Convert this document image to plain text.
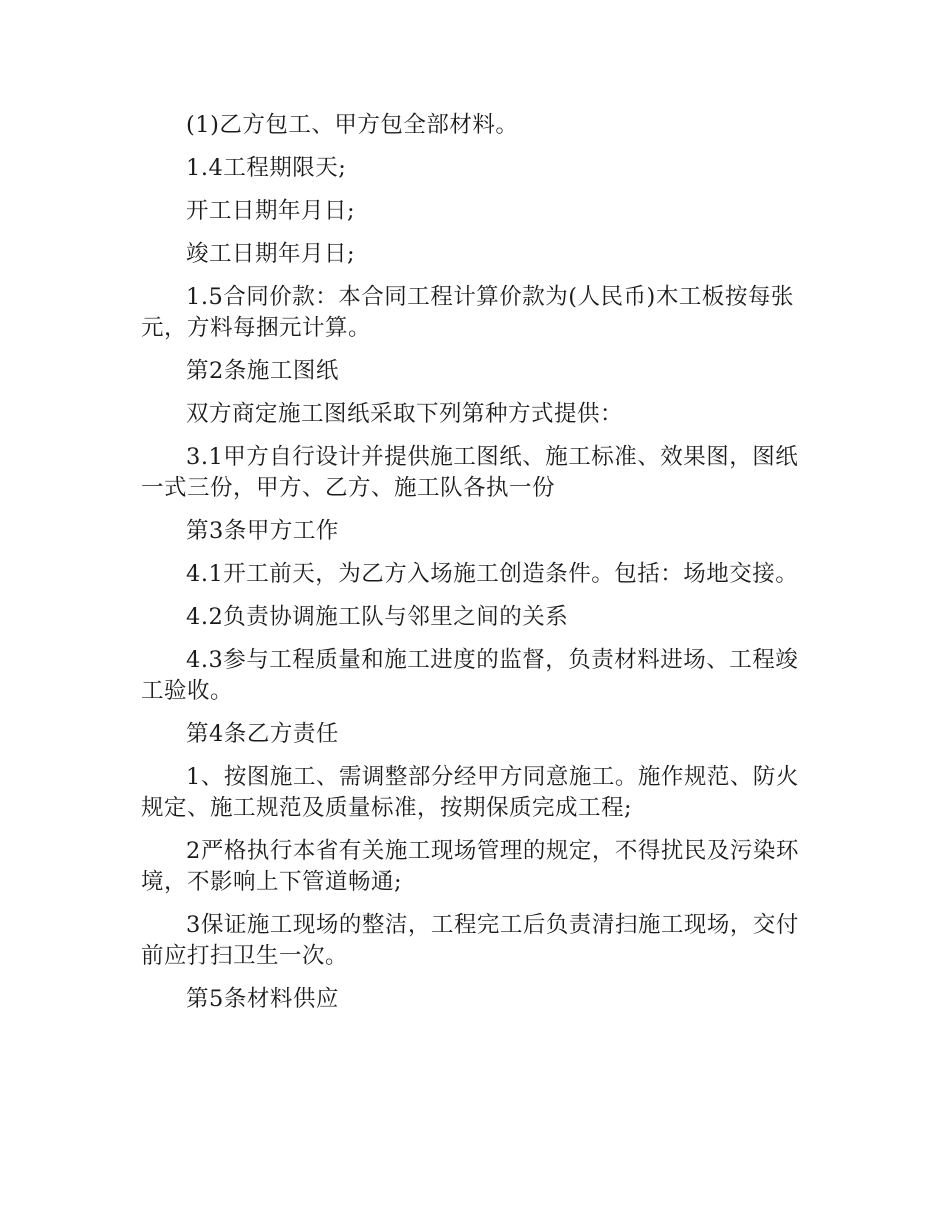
(1)乙方包工、甲方包全部材料。

1.4工程期限天;

开工日期年月日;

竣工日期年月日;

1.5合同价款：本合同工程计算价款为(人民币)木工板按每张元，方料每捆元计算。

第2条施工图纸

双方商定施工图纸采取下列第种方式提供：

3.1甲方自行设计并提供施工图纸、施工标准、效果图，图纸一式三份，甲方、乙方、施工队各执一份

第3条甲方工作

4.1开工前天，为乙方入场施工创造条件。包括：场地交接。

4.2负责协调施工队与邻里之间的关系

4.3参与工程质量和施工进度的监督，负责材料进场、工程竣工验收。

第4条乙方责任

1、按图施工、需调整部分经甲方同意施工。施作规范、防火规定、施工规范及质量标准，按期保质完成工程;

2严格执行本省有关施工现场管理的规定，不得扰民及污染环境，不影响上下管道畅通;

3保证施工现场的整洁，工程完工后负责清扫施工现场，交付前应打扫卫生一次。

第5条材料供应
